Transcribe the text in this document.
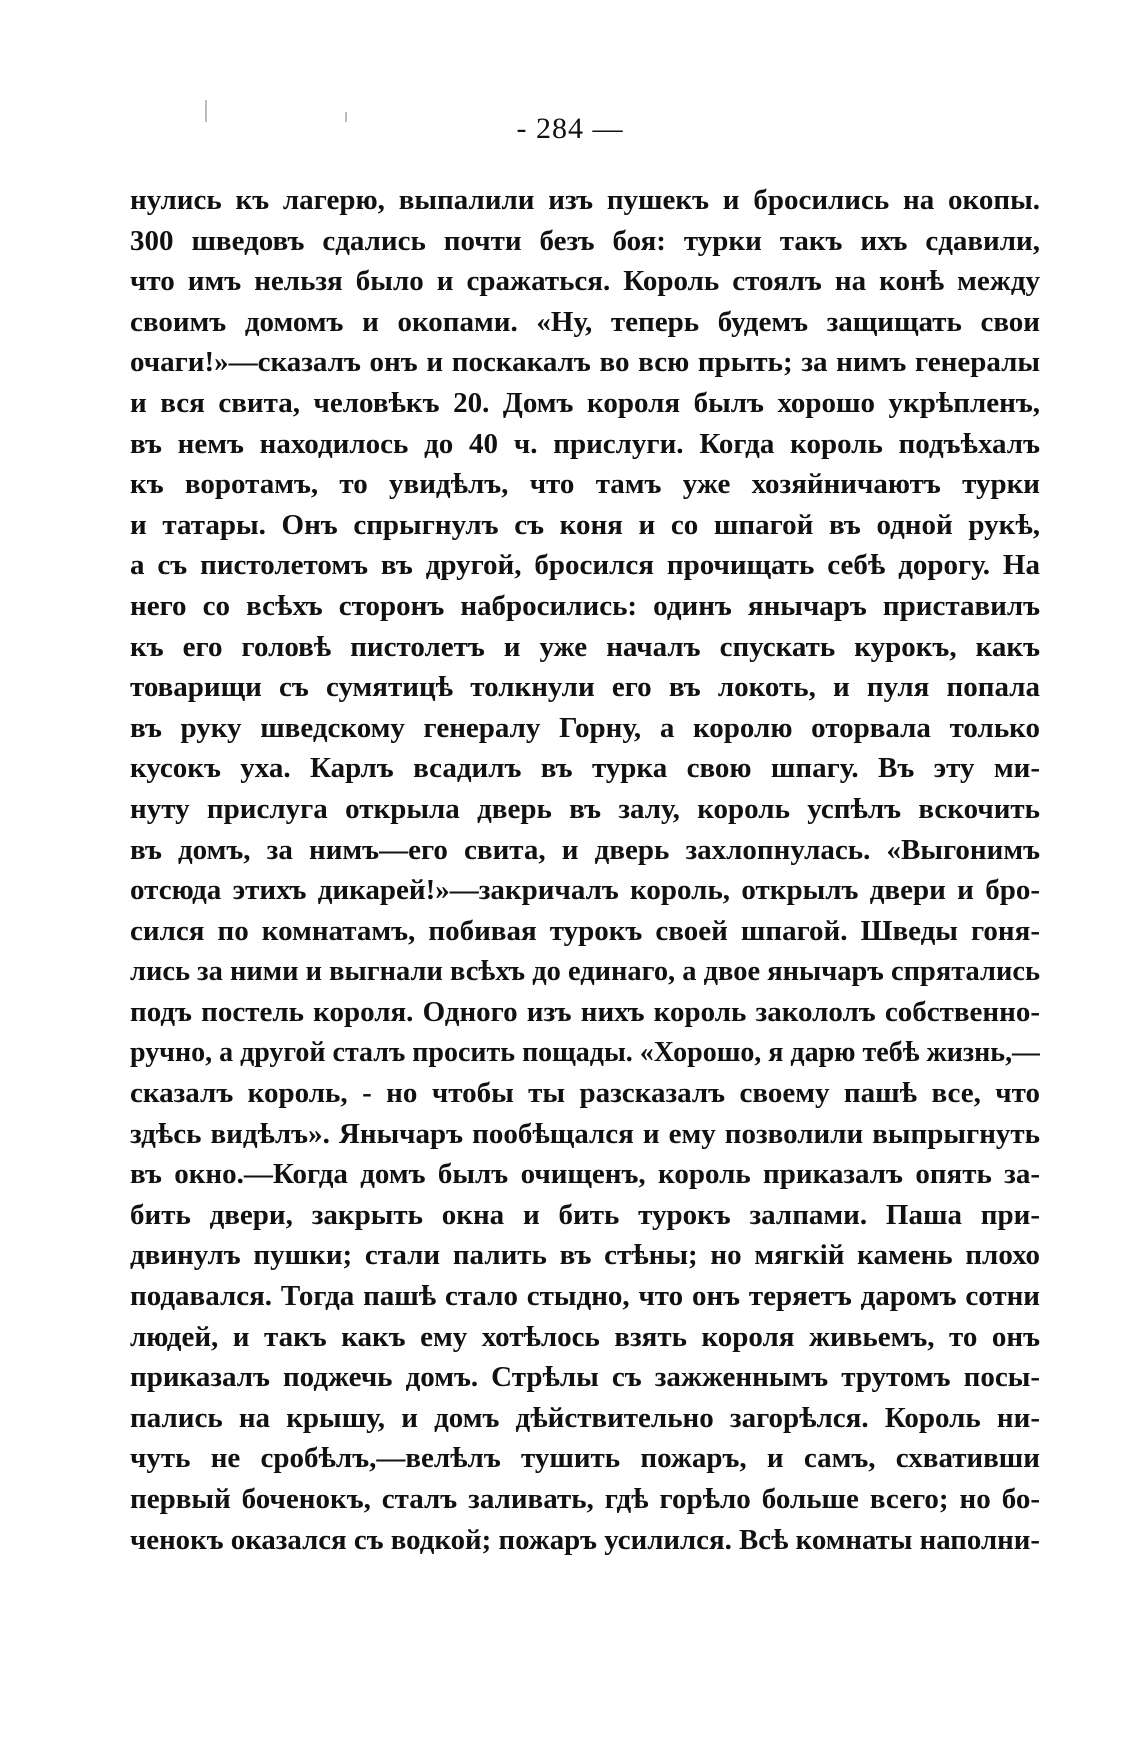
- 284 —
нулись къ лагерю, выпалили изъ пушекъ и бросились на окопы.
300 шведовъ сдались почти безъ боя: турки такъ ихъ сдавили,
что имъ нельзя было и сражаться. Король стоялъ на конѣ между
своимъ домомъ и окопами. «Ну, теперь будемъ защищать свои
очаги!»—сказалъ онъ и поскакалъ во всю прыть; за нимъ генералы
и вся свита, человѣкъ 20. Домъ короля былъ хорошо укрѣпленъ,
въ немъ находилось до 40 ч. прислуги. Когда король подъѣхалъ
къ воротамъ, то увидѣлъ, что тамъ уже хозяйничаютъ турки
и татары. Онъ спрыгнулъ съ коня и со шпагой въ одной рукѣ,
а съ пистолетомъ въ другой, бросился прочищать себѣ дорогу. На
него со всѣхъ сторонъ набросились: одинъ янычаръ приставилъ
къ его головѣ пистолетъ и уже началъ спускать курокъ, какъ
товарищи съ сумятицѣ толкнули его въ локоть, и пуля попала
въ руку шведскому генералу Горну, а королю оторвала только
кусокъ уха. Карлъ всадилъ въ турка свою шпагу. Въ эту ми-
нуту прислуга открыла дверь въ залу, король успѣлъ вскочить
въ домъ, за нимъ—его свита, и дверь захлопнулась. «Выгонимъ
отсюда этихъ дикарей!»—закричалъ король, открылъ двери и бро-
сился по комнатамъ, побивая турокъ своей шпагой. Шведы гоня-
лись за ними и выгнали всѣхъ до единаго, а двое янычаръ спрятались
подъ постель короля. Одного изъ нихъ король закололъ собственно-
ручно, а другой сталъ просить пощады. «Хорошо, я дарю тебѣ жизнь,—
сказалъ король, - но чтобы ты разсказалъ своему пашѣ все, что
здѣсь видѣлъ». Янычаръ пообѣщался и ему позволили выпрыгнуть
въ окно.—Когда домъ былъ очищенъ, король приказалъ опять за-
бить двери, закрыть окна и бить турокъ залпами. Паша при-
двинулъ пушки; стали палить въ стѣны; но мягкій камень плохо
подавался. Тогда пашѣ стало стыдно, что онъ теряетъ даромъ сотни
людей, и такъ какъ ему хотѣлось взять короля живьемъ, то онъ
приказалъ поджечь домъ. Стрѣлы съ зажженнымъ трутомъ посы-
пались на крышу, и домъ дѣйствительно загорѣлся. Король ни-
чуть не сробѣлъ,—велѣлъ тушить пожаръ, и самъ, схвативши
первый боченокъ, сталъ заливать, гдѣ горѣло больше всего; но бо-
ченокъ оказался съ водкой; пожаръ усилился. Всѣ комнаты наполни-
